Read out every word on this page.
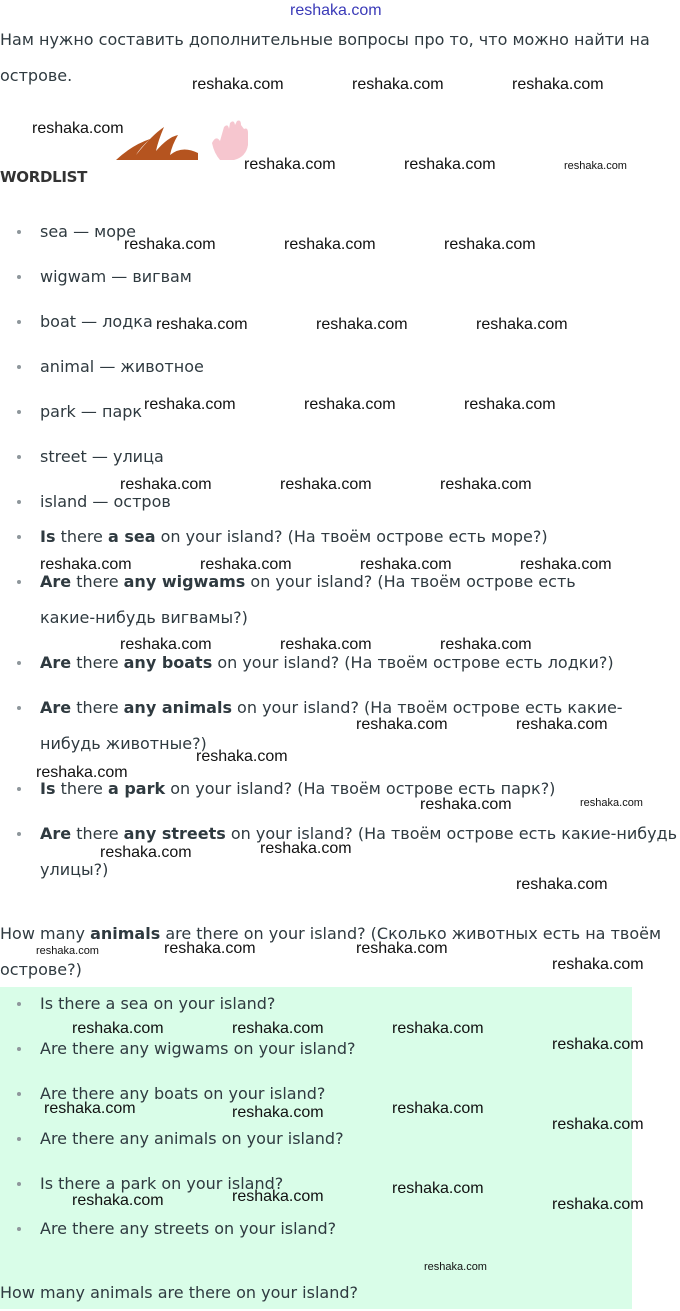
reshaka.com
Нам нужно составить дополнительные вопросы про то, что можно найти на острове.
WORDLIST
sea — море
wigwam — вигвам
boat — лодка
animal — животное
park — парк
street — улица
island — остров
Is there a sea on your island? (На твоём острове есть море?)
Are there any wigwams on your island? (На твоём острове есть какие-нибудь вигвамы?)
Are there any boats on your island? (На твоём острове есть лодки?)
Are there any animals on your island? (На твоём острове есть какие-нибудь животные?)
Is there a park on your island? (На твоём острове есть парк?)
Are there any streets on your island? (На твоём острове есть какие-нибудь улицы?)
How many animals are there on your island? (Сколько животных есть на твоём острове?)
Is there a sea on your island?
Are there any wigwams on your island?
Are there any boats on your island?
Are there any animals on your island?
Is there a park on your island?
Are there any streets on your island?
How many animals are there on your island?
reshaka.com	reshaka.com	reshaka.com
reshaka.com
reshaka.com	reshaka.com	reshaka.com
reshaka.com	reshaka.com	reshaka.com
reshaka.com	reshaka.com	reshaka.com
reshaka.com	reshaka.com	reshaka.com
reshaka.com	reshaka.com	reshaka.com
reshaka.com	reshaka.com	reshaka.com	reshaka.com
reshaka.com	reshaka.com	reshaka.com
reshaka.com	reshaka.com
reshaka.com
reshaka.com
reshaka.com	reshaka.com
reshaka.com
reshaka.com
reshaka.com
reshaka.com	reshaka.com	reshaka.com
reshaka.com
reshaka.com	reshaka.com	reshaka.com
reshaka.com
reshaka.com	reshaka.com	reshaka.com
reshaka.com
reshaka.com
reshaka.com	reshaka.com	reshaka.com
reshaka.com
